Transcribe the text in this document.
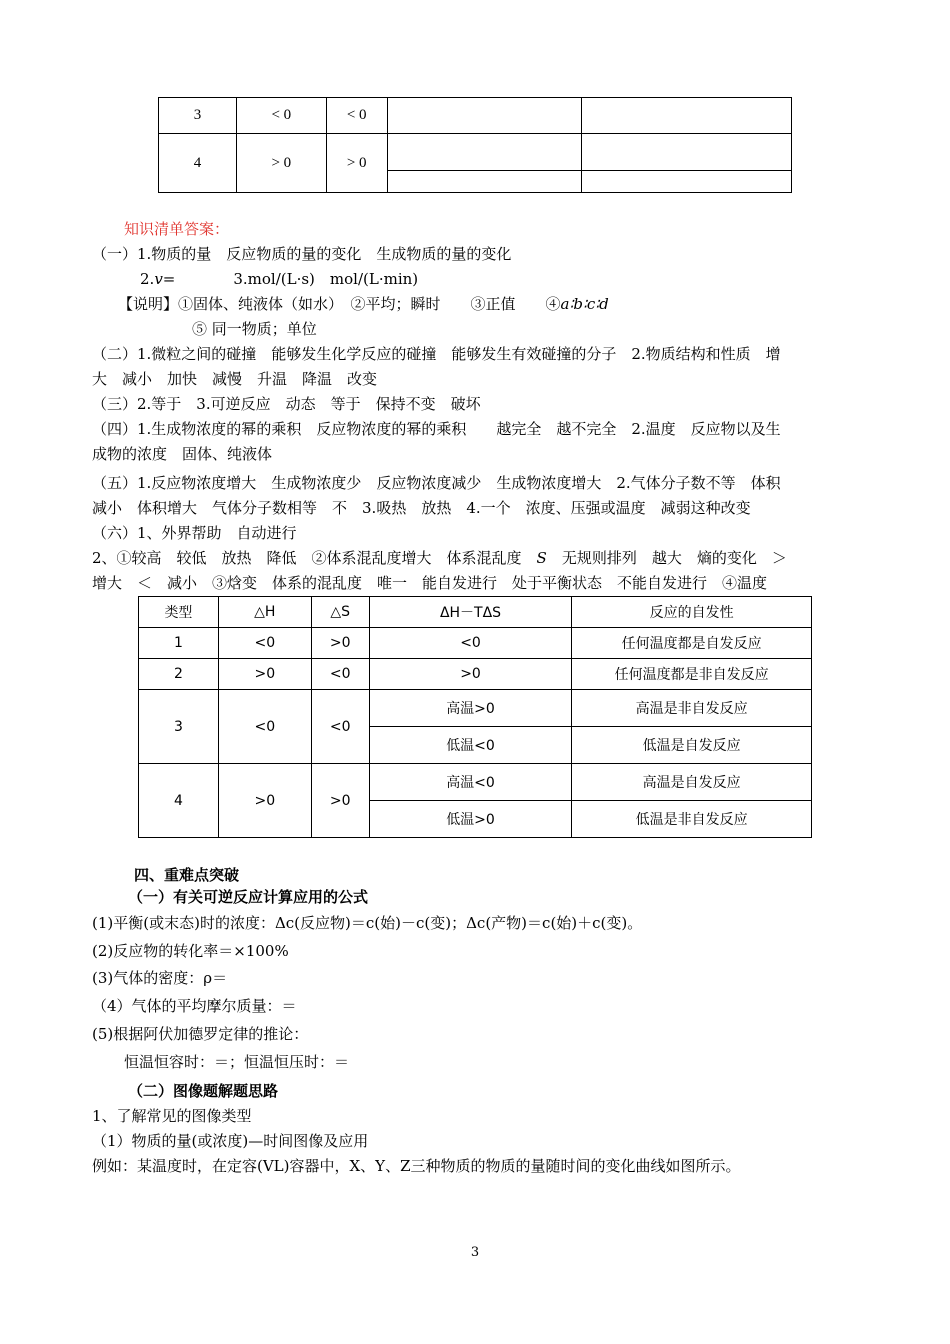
3	< 0	< 0		
4	> 0	> 0		

知识清单答案：
（一）1.物质的量　反应物质的量的变化　生成物质的量的变化
2.v=	3.mol/(L·s)　mol/(L·min)
【说明】①固体、纯液体（如水）　②平均；瞬时　　③正值　　④a∶b∶c∶d
⑤ 同一物质；单位
（二）1.微粒之间的碰撞　能够发生化学反应的碰撞　能够发生有效碰撞的分子　2.物质结构和性质　增
大　减小　加快　减慢　升温　降温　改变
（三）2.等于　3.可逆反应　动态　等于　保持不变　破坏
（四）1.生成物浓度的幂的乘积　反应物浓度的幂的乘积　　越完全　越不完全　2.温度　反应物以及生
成物的浓度　固体、纯液体
（五）1.反应物浓度增大　生成物浓度少　反应物浓度减少　生成物浓度增大　2.气体分子数不等　体积
减小　体积增大　气体分子数相等　不　3.吸热　放热　4.一个　浓度、压强或温度　减弱这种改变
（六）1、外界帮助　自动进行
2、①较高　较低　放热　降低　②体系混乱度增大　体系混乱度　S　无规则排列　越大　熵的变化　＞
增大　＜　减小　③焓变　体系的混乱度　唯一　能自发进行　处于平衡状态　不能自发进行　④温度
类型	△H	△S	ΔH－TΔS	反应的自发性
1	<0	>0	<0	任何温度都是自发反应
2	>0	<0	>0	任何温度都是非自发反应
3	<0	<0	高温>0	高温是非自发反应
			低温<0	低温是自发反应
4	>0	>0	高温<0	高温是自发反应
			低温>0	低温是非自发反应
四、重难点突破
（一）有关可逆反应计算应用的公式
(1)平衡(或末态)时的浓度：Δc(反应物)＝c(始)－c(变)；Δc(产物)＝c(始)＋c(变)。
(2)反应物的转化率＝×100%
(3)气体的密度：ρ＝
（4）气体的平均摩尔质量：＝
(5)根据阿伏加德罗定律的推论：
恒温恒容时：＝；恒温恒压时：＝
（二）图像题解题思路
1、了解常见的图像类型
（1）物质的量(或浓度)—时间图像及应用
例如：某温度时，在定容(VL)容器中，X、Y、Z三种物质的物质的量随时间的变化曲线如图所示。
3
